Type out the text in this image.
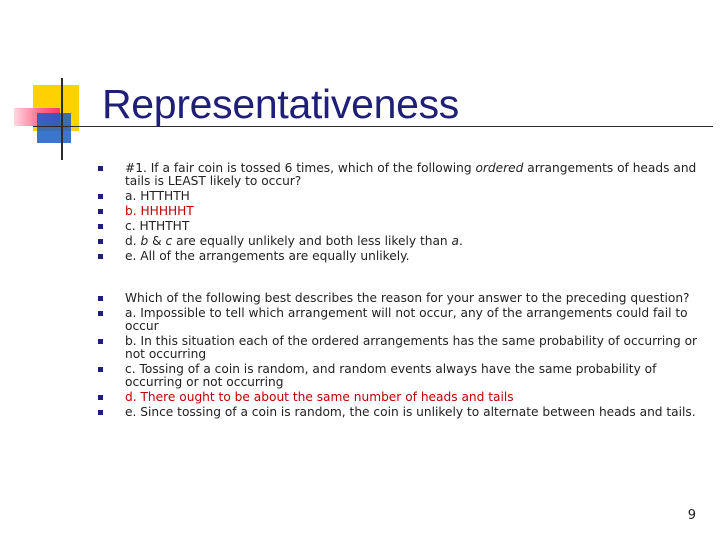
Representativeness
#1. If a fair coin is tossed 6 times, which of the following ordered arrangements of heads and tails is LEAST likely to occur?
a. HTTHTH
b. HHHHHT
c. HTHTHT
d. b & c are equally unlikely and both less likely than a.
e. All of the arrangements are equally unlikely.
Which of the following best describes the reason for your answer to the preceding question?
a. Impossible to tell which arrangement will not occur, any of the arrangements could fail to occur
b. In this situation each of the ordered arrangements has the same probability of occurring or not occurring
c. Tossing of a coin is random, and random events always have the same probability of occurring or not occurring
d. There ought to be about the same number of heads and tails
e. Since tossing of a coin is random, the coin is unlikely to alternate between heads and tails.
9
